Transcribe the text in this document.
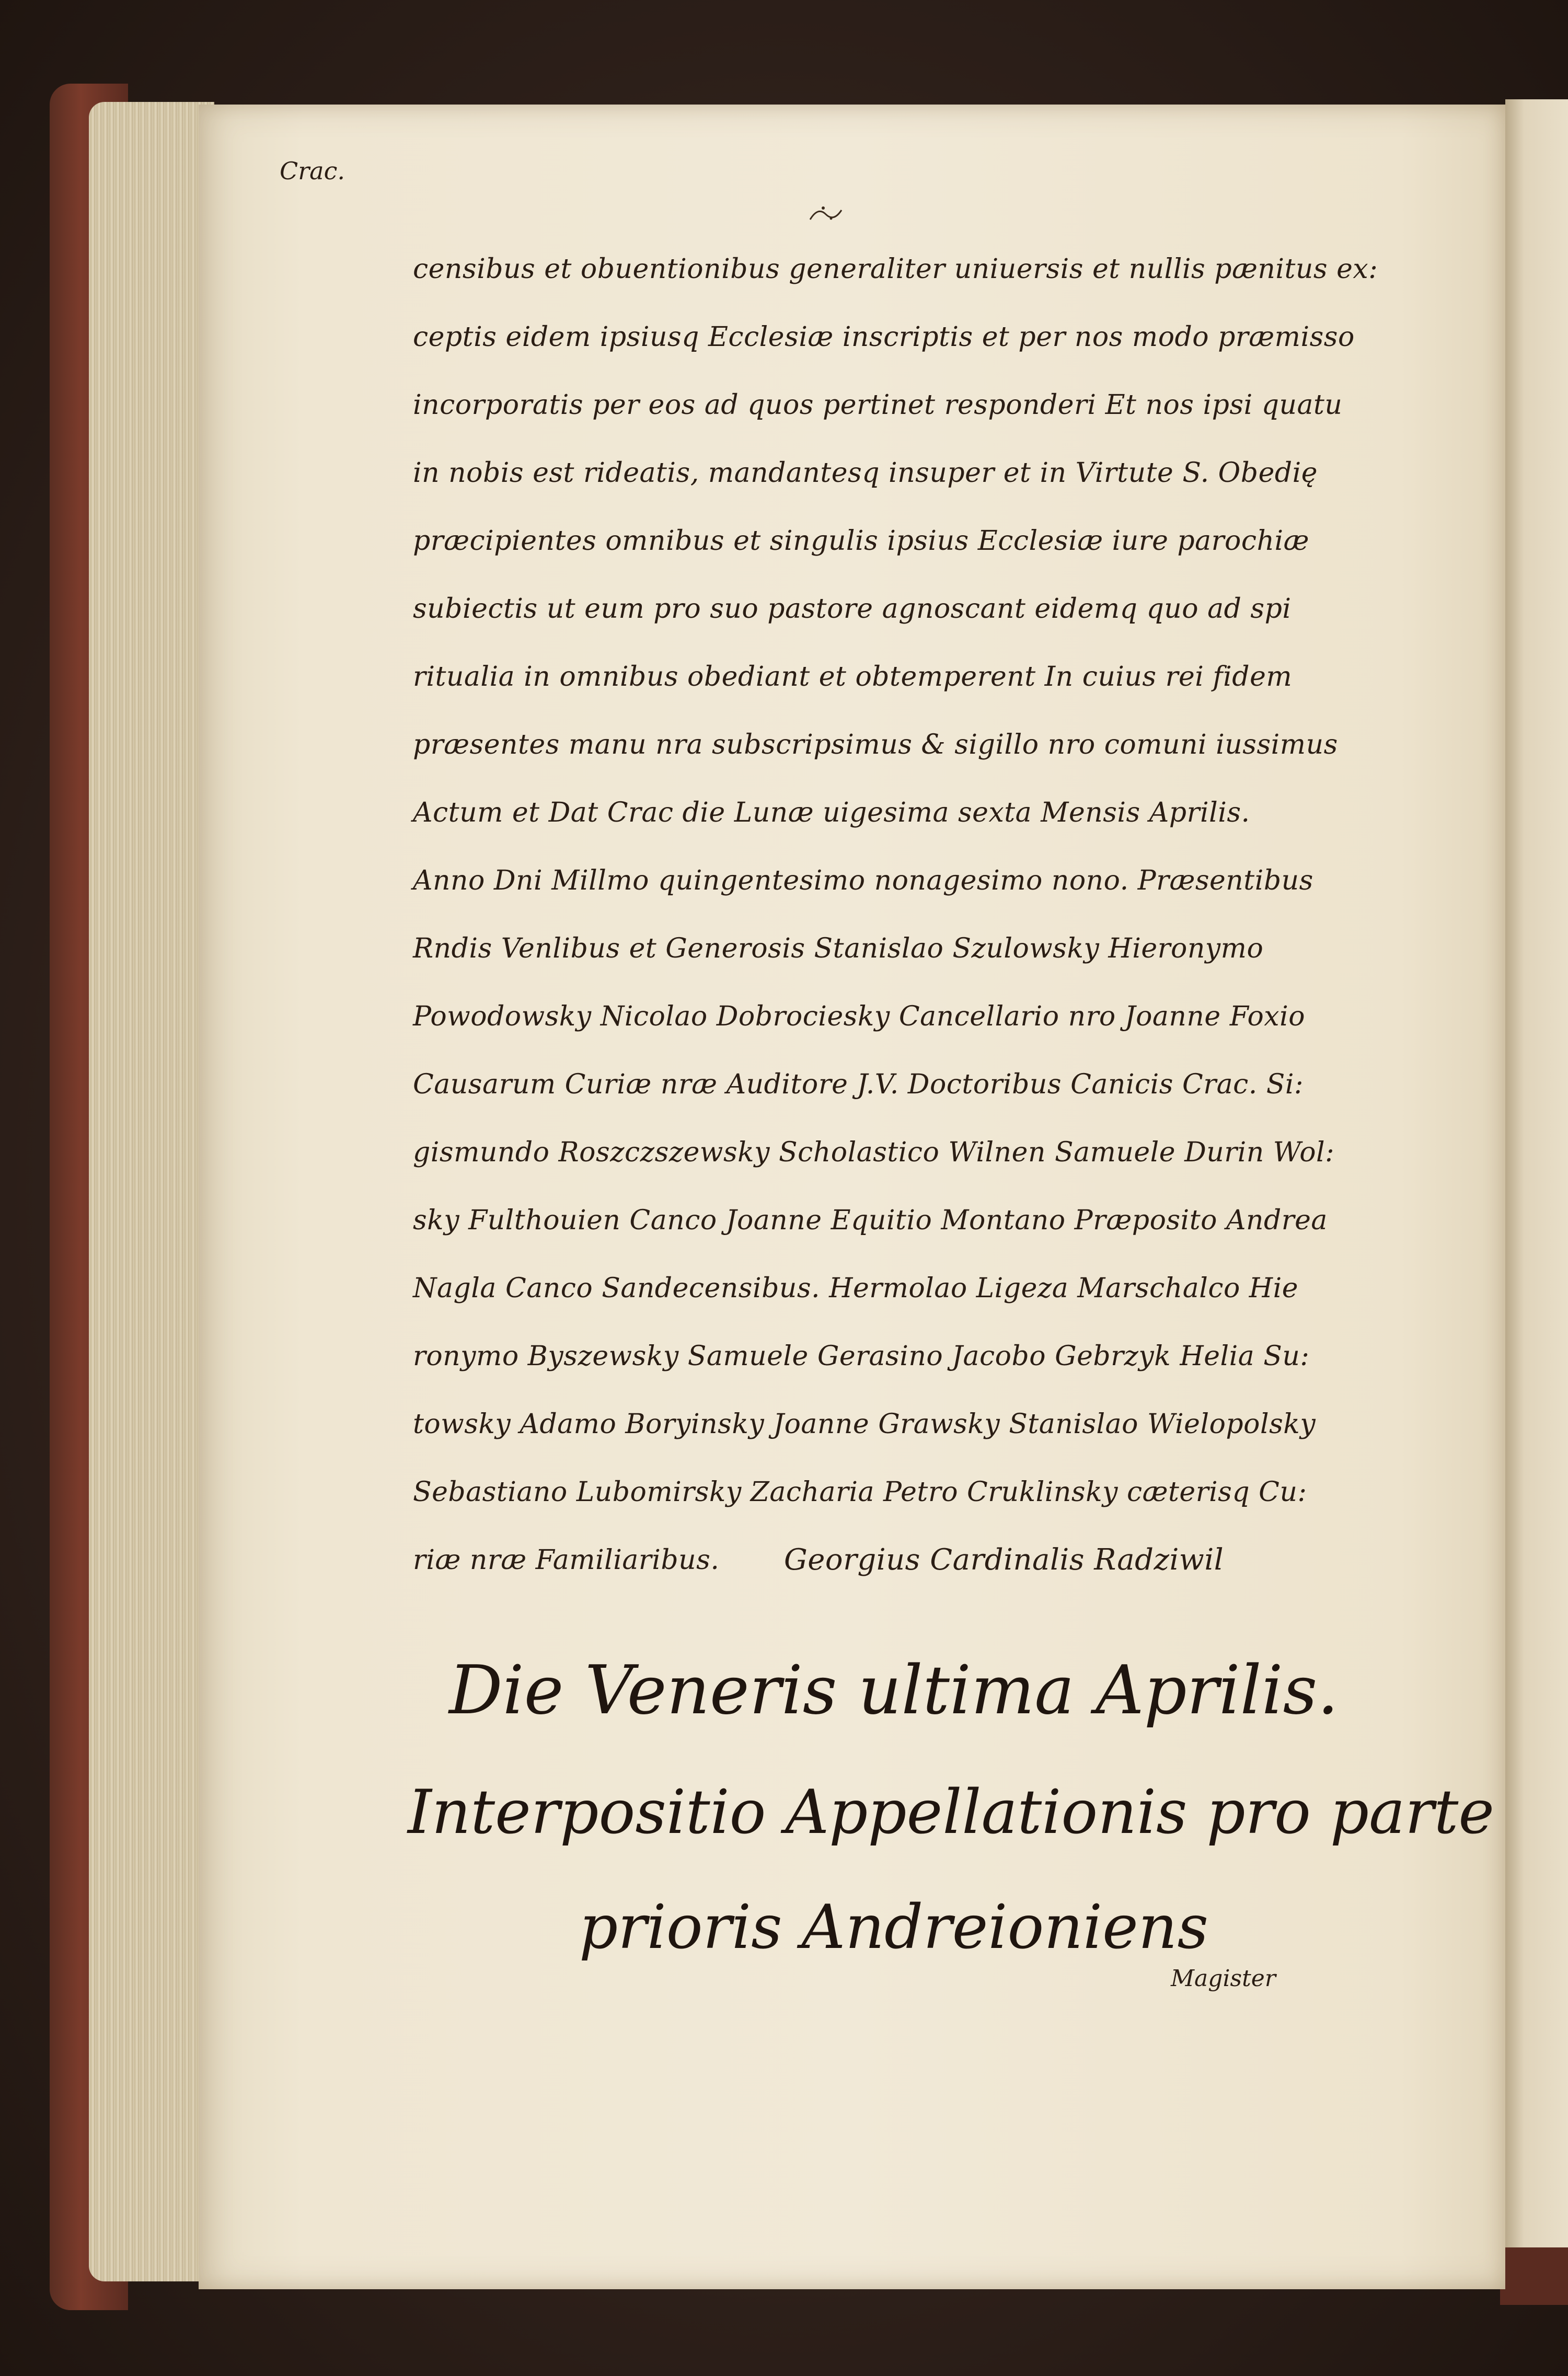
Crac.
censibus et obuentionibus generaliter uniuersis et nullis pænitus ex:
ceptis eidem ipsiusq Ecclesiæ inscriptis et per nos modo præmisso
incorporatis per eos ad quos pertinet responderi Et nos ipsi quatu
in nobis est rideatis, mandantesq insuper et in Virtute S. Obedię
præcipientes omnibus et singulis ipsius Ecclesiæ iure parochiæ
subiectis ut eum pro suo pastore agnoscant eidemq quo ad spi
ritualia in omnibus obediant et obtemperent In cuius rei fidem
præsentes manu nra subscripsimus & sigillo nro comuni iussimus
Actum et Dat Crac die Lunæ uigesima sexta Mensis Aprilis.
Anno Dni Millmo quingentesimo nonagesimo nono. Præsentibus
Rndis Venlibus et Generosis Stanislao Szulowsky Hieronymo
Powodowsky Nicolao Dobrociesky Cancellario nro Joanne Foxio
Causarum Curiæ nræ Auditore J.V. Doctoribus Canicis Crac. Si:
gismundo Roszczszewsky Scholastico Wilnen Samuele Durin Wol:
sky Fulthouien Canco Joanne Equitio Montano Præposito Andrea
Nagla Canco Sandecensibus. Hermolao Ligeza Marschalco Hie
ronymo Byszewsky Samuele Gerasino Jacobo Gebrzyk Helia Su:
towsky Adamo Boryinsky Joanne Grawsky Stanislao Wielopolsky
Sebastiano Lubomirsky Zacharia Petro Cruklinsky cæterisq Cu:
riæ nræ Familiaribus. Georgius Cardinalis Radziwil
Die Veneris ultima Aprilis.
Interpositio Appellationis pro parte
prioris Andreioniens
Magister
